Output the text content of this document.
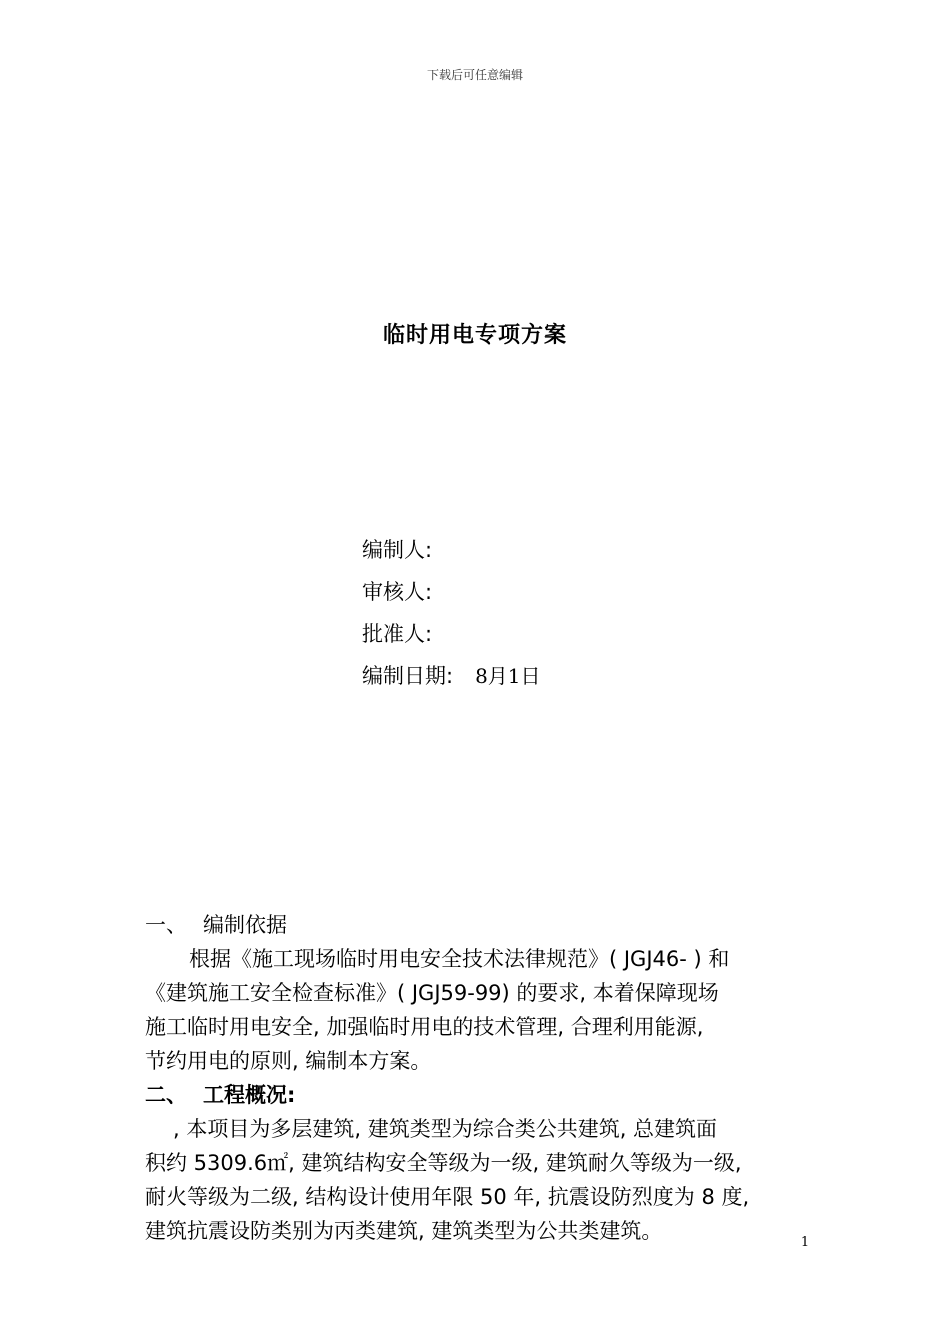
下载后可任意编辑
临时用电专项方案
编制人:
审核人:
批准人:
编制日期: 8月1日
一、 编制依据
根据《施工现场临时用电安全技术法律规范》( JGJ46- ) 和
《建筑施工安全检查标准》( JGJ59-99) 的要求, 本着保障现场
施工临时用电安全, 加强临时用电的技术管理, 合理利用能源,
节约用电的原则, 编制本方案。
二、 工程概况:
, 本项目为多层建筑, 建筑类型为综合类公共建筑, 总建筑面
积约 5309.6㎡, 建筑结构安全等级为一级, 建筑耐久等级为一级,
耐火等级为二级, 结构设计使用年限 50 年, 抗震设防烈度为 8 度,
建筑抗震设防类别为丙类建筑, 建筑类型为公共类建筑。	1
